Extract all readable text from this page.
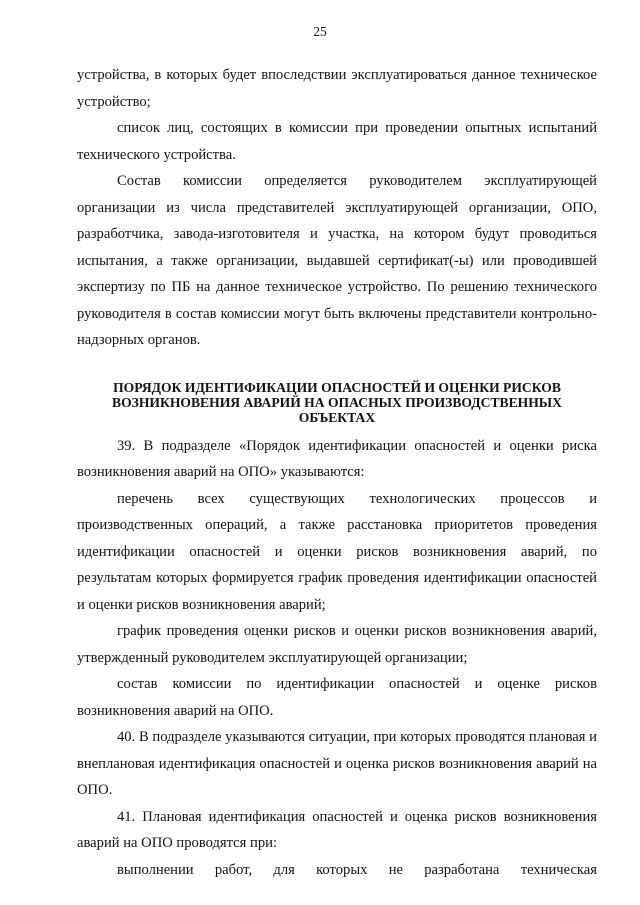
25

устройства, в которых будет впоследствии эксплуатироваться данное техническое устройство;

список лиц, состоящих в комиссии при проведении опытных испытаний технического устройства.

Состав комиссии определяется руководителем эксплуатирующей организации из числа представителей эксплуатирующей организации, ОПО, разработчика, завода-изготовителя и участка, на котором будут проводиться испытания, а также организации, выдавшей сертификат(-ы) или проводившей экспертизу по ПБ на данное техническое устройство. По решению технического руководителя в состав комиссии могут быть включены представители контрольно-надзорных органов.

ПОРЯДОК ИДЕНТИФИКАЦИИ ОПАСНОСТЕЙ И ОЦЕНКИ РИСКОВ
ВОЗНИКНОВЕНИЯ АВАРИЙ НА ОПАСНЫХ ПРОИЗВОДСТВЕННЫХ ОБЪЕКТАХ

39. В подразделе «Порядок идентификации опасностей и оценки риска возникновения аварий на ОПО» указываются:

перечень всех существующих технологических процессов и производственных операций, а также расстановка приоритетов проведения идентификации опасностей и оценки рисков возникновения аварий, по результатам которых формируется график проведения идентификации опасностей и оценки рисков возникновения аварий;

график проведения оценки рисков и оценки рисков возникновения аварий, утвержденный руководителем эксплуатирующей организации;

состав комиссии по идентификации опасностей и оценке рисков возникновения аварий на ОПО.

40. В подразделе указываются ситуации, при которых проводятся плановая и внеплановая идентификация опасностей и оценка рисков возникновения аварий на ОПО.

41. Плановая идентификация опасностей и оценка рисков возникновения аварий на ОПО проводятся при:

выполнении работ, для которых не разработана техническая
